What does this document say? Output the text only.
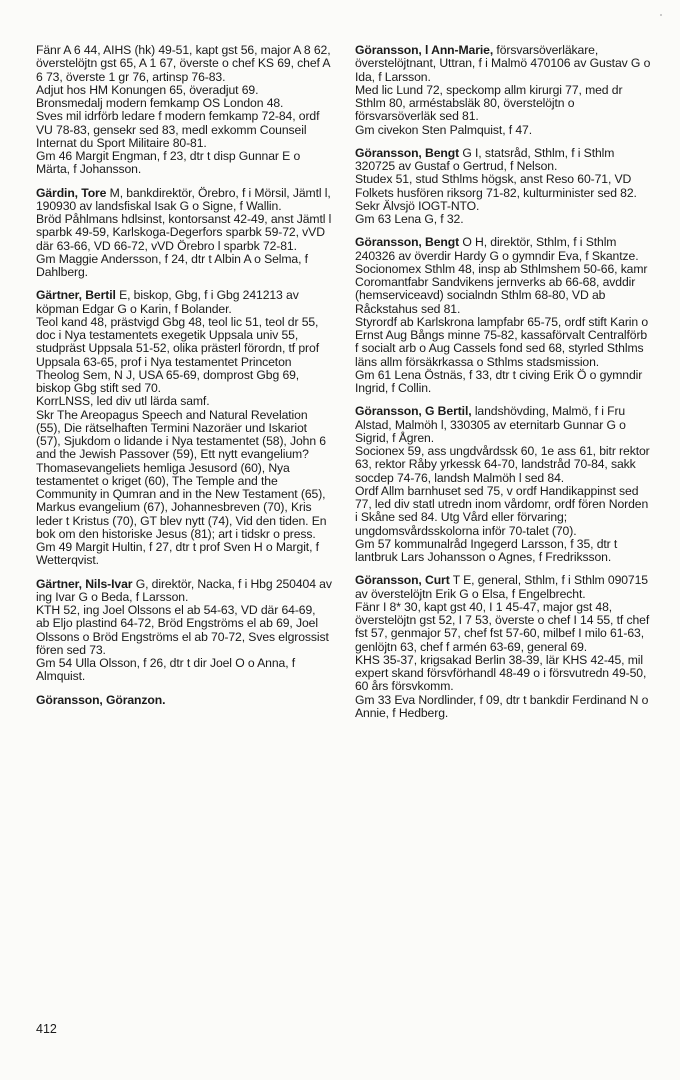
Fänr A 6 44, AIHS (hk) 49-51, kapt gst 56, major A 8 62, överstelöjtn gst 65, A 1 67, överste o chef KS 69, chef A 6 73, överste 1 gr 76, artinsp 76-83.

Adjut hos HM Konungen 65, överadjut 69.

Bronsmedalj modern femkamp OS London 48.

Sves mil idrförb ledare f modern femkamp 72-84, ordf VU 78-83, gensekr sed 83, medl exkomm Counseil Internat du Sport Militaire 80-81.

Gm 46 Margit Engman, f 23, dtr t disp Gunnar E o Märta, f Johansson.

Gärdin, Tore M, bankdirektör, Örebro, f i Mörsil, Jämtl l, 190930 av landsfiskal Isak G o Signe, f Wallin.

Bröd Påhlmans hdlsinst, kontorsanst 42-49, anst Jämtl l sparbk 49-59, Karlskoga-Degerfors sparbk 59-72, vVD där 63-66, VD 66-72, vVD Örebro l sparbk 72-81.

Gm Maggie Andersson, f 24, dtr t Albin A o Selma, f Dahlberg.

Gärtner, Bertil E, biskop, Gbg, f i Gbg 241213 av köpman Edgar G o Karin, f Bolander.

Teol kand 48, prästvigd Gbg 48, teol lic 51, teol dr 55, doc i Nya testamentets exegetik Uppsala univ 55, studpräst Uppsala 51-52, olika prästerl förordn, tf prof Uppsala 63-65, prof i Nya testamentet Princeton Theolog Sem, N J, USA 65-69, domprost Gbg 69, biskop Gbg stift sed 70.

KorrLNSS, led div utl lärda samf.

Skr The Areopagus Speech and Natural Revelation (55), Die rätselhaften Termini Nazoräer und Iskariot (57), Sjukdom o lidande i Nya testamentet (58), John 6 and the Jewish Passover (59), Ett nytt evangelium? Thomasevangeliets hemliga Jesusord (60), Nya testamentet o kriget (60), The Temple and the Community in Qumran and in the New Testament (65), Markus evangelium (67), Johannesbreven (70), Kris leder t Kristus (70), GT blev nytt (74), Vid den tiden. En bok om den historiske Jesus (81); art i tidskr o press.

Gm 49 Margit Hultin, f 27, dtr t prof Sven H o Margit, f Wetterqvist.

Gärtner, Nils-Ivar G, direktör, Nacka, f i Hbg 250404 av ing Ivar G o Beda, f Larsson.

KTH 52, ing Joel Olssons el ab 54-63, VD där 64-69, ab Eljo plastind 64-72, Bröd Engströms el ab 69, Joel Olssons o Bröd Engströms el ab 70-72, Sves elgrossist fören sed 73.

Gm 54 Ulla Olsson, f 26, dtr t dir Joel O o Anna, f Almquist.

Göransson, Göranzon.

Göransson, l Ann-Marie, försvarsöverläkare, överstelöjtnant, Uttran, f i Malmö 470106 av Gustav G o Ida, f Larsson.

Med lic Lund 72, speckomp allm kirurgi 77, med dr Sthlm 80, arméstabsläk 80, överstelöjtn o försvarsöverläk sed 81.

Gm civekon Sten Palmquist, f 47.

Göransson, Bengt G I, statsråd, Sthlm, f i Sthlm 320725 av Gustaf o Gertrud, f Nelson.

Studex 51, stud Sthlms högsk, anst Reso 60-71, VD Folkets husfören riksorg 71-82, kulturminister sed 82.

Sekr Älvsjö IOGT-NTO.

Gm 63 Lena G, f 32.

Göransson, Bengt O H, direktör, Sthlm, f i Sthlm 240326 av överdir Hardy G o gymndir Eva, f Skantze.

Socionomex Sthlm 48, insp ab Sthlmshem 50-66, kamr Coromantfabr Sandvikens jernverks ab 66-68, avddir (hemserviceavd) socialndn Sthlm 68-80, VD ab Råckstahus sed 81.

Styrordf ab Karlskrona lampfabr 65-75, ordf stift Karin o Ernst Aug Bångs minne 75-82, kassaförvalt Centralförb f socialt arb o Aug Cassels fond sed 68, styrled Sthlms läns allm försäkrkassa o Sthlms stadsmission.

Gm 61 Lena Östnäs, f 33, dtr t civing Erik Ö o gymndir Ingrid, f Collin.

Göransson, G Bertil, landshövding, Malmö, f i Fru Alstad, Malmöh l, 330305 av eternitarb Gunnar G o Sigrid, f Ågren.

Socionex 59, ass ungdvårdssk 60, 1e ass 61, bitr rektor 63, rektor Råby yrkessk 64-70, landstråd 70-84, sakk socdep 74-76, landsh Malmöh l sed 84.

Ordf Allm barnhuset sed 75, v ordf Handikappinst sed 77, led div statl utredn inom vårdomr, ordf fören Norden i Skåne sed 84. Utg Vård eller förvaring; ungdomsvårdsskolorna inför 70-talet (70).

Gm 57 kommunalråd Ingegerd Larsson, f 35, dtr t lantbruk Lars Johansson o Agnes, f Fredriksson.

Göransson, Curt T E, general, Sthlm, f i Sthlm 090715 av överstelöjtn Erik G o Elsa, f Engelbrecht.

Fänr I 8* 30, kapt gst 40, I 1 45-47, major gst 48, överstelöjtn gst 52, I 7 53, överste o chef I 14 55, tf chef fst 57, genmajor 57, chef fst 57-60, milbef I milo 61-63, genlöjtn 63, chef f armén 63-69, general 69.

KHS 35-37, krigsakad Berlin 38-39, lär KHS 42-45, mil expert skand försvförhandl 48-49 o i försvutredn 49-50, 60 års försvkomm.

Gm 33 Eva Nordlinder, f 09, dtr t bankdir Ferdinand N o Annie, f Hedberg.

412
